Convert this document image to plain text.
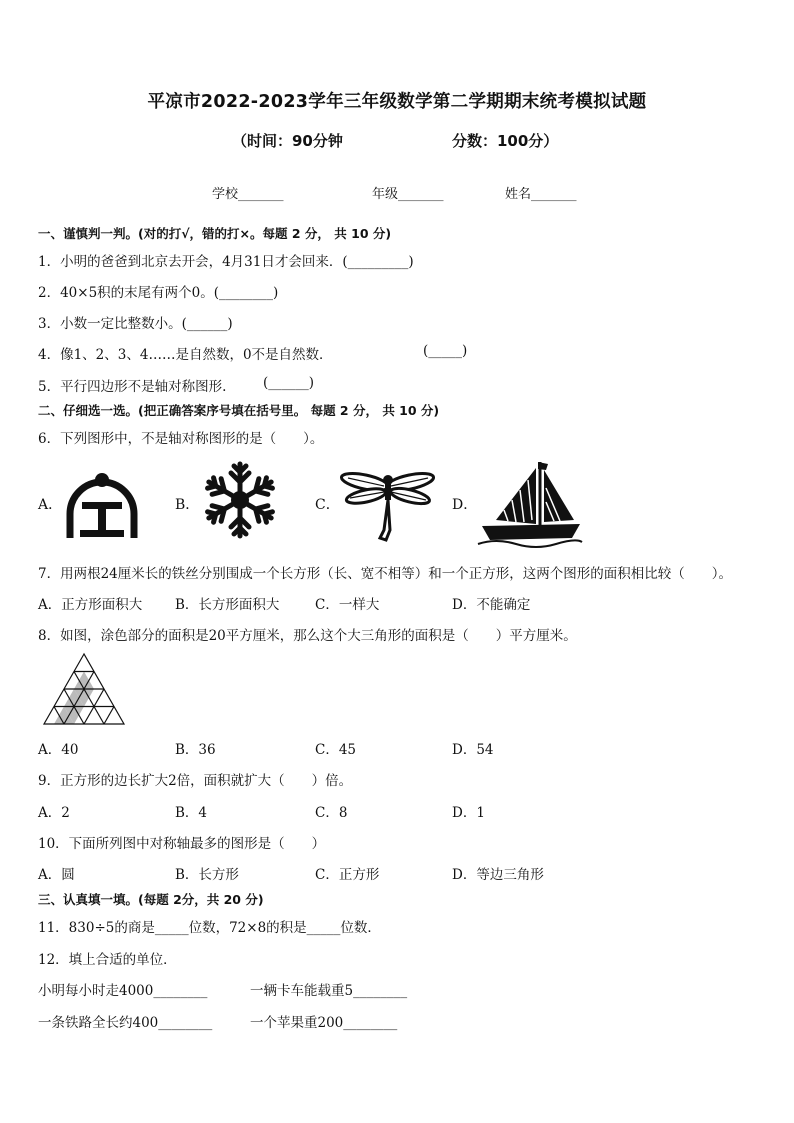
平凉市2022-2023学年三年级数学第二学期期末统考模拟试题
（时间：90分钟	分数：100分）
学校_______	年级_______	姓名_______
一、谨慎判一判。(对的打√，错的打×。每题 2 分， 共 10 分)
1．小明的爸爸到北京去开会，4月31日才会回来．(_________)
2．40×5积的末尾有两个0。(________)
3．小数一定比整数小。(______)
4．像1、2、3、4……是自然数，0不是自然数．	(_____)
5．平行四边形不是轴对称图形.	(______)
二、仔细选一选。(把正确答案序号填在括号里。 每题 2 分， 共 10 分)
6．下列图形中，不是轴对称图形的是（　　）。
A．	B．	C．	D．
7．用两根24厘米长的铁丝分别围成一个长方形（长、宽不相等）和一个正方形，这两个图形的面积相比较（　　）。
A．正方形面积大 B．长方形面积大	C．一样大	D．不能确定
8．如图，涂色部分的面积是20平方厘米，那么这个大三角形的面积是（　　）平方厘米。
A．40	B．36	C．45	D．54
9．正方形的边长扩大2倍，面积就扩大（　　）倍。
A．2	B．4	C．8	D．1
10．下面所列图中对称轴最多的图形是（　　）
A．圆	B．长方形	C．正方形	D．等边三角形
三、认真填一填。(每题 2分，共 20 分)
11．830÷5的商是_____位数，72×8的积是_____位数．
12．填上合适的单位．
小明每小时走4000________	一辆卡车能载重5________
一条铁路全长约400________	一个苹果重200________
